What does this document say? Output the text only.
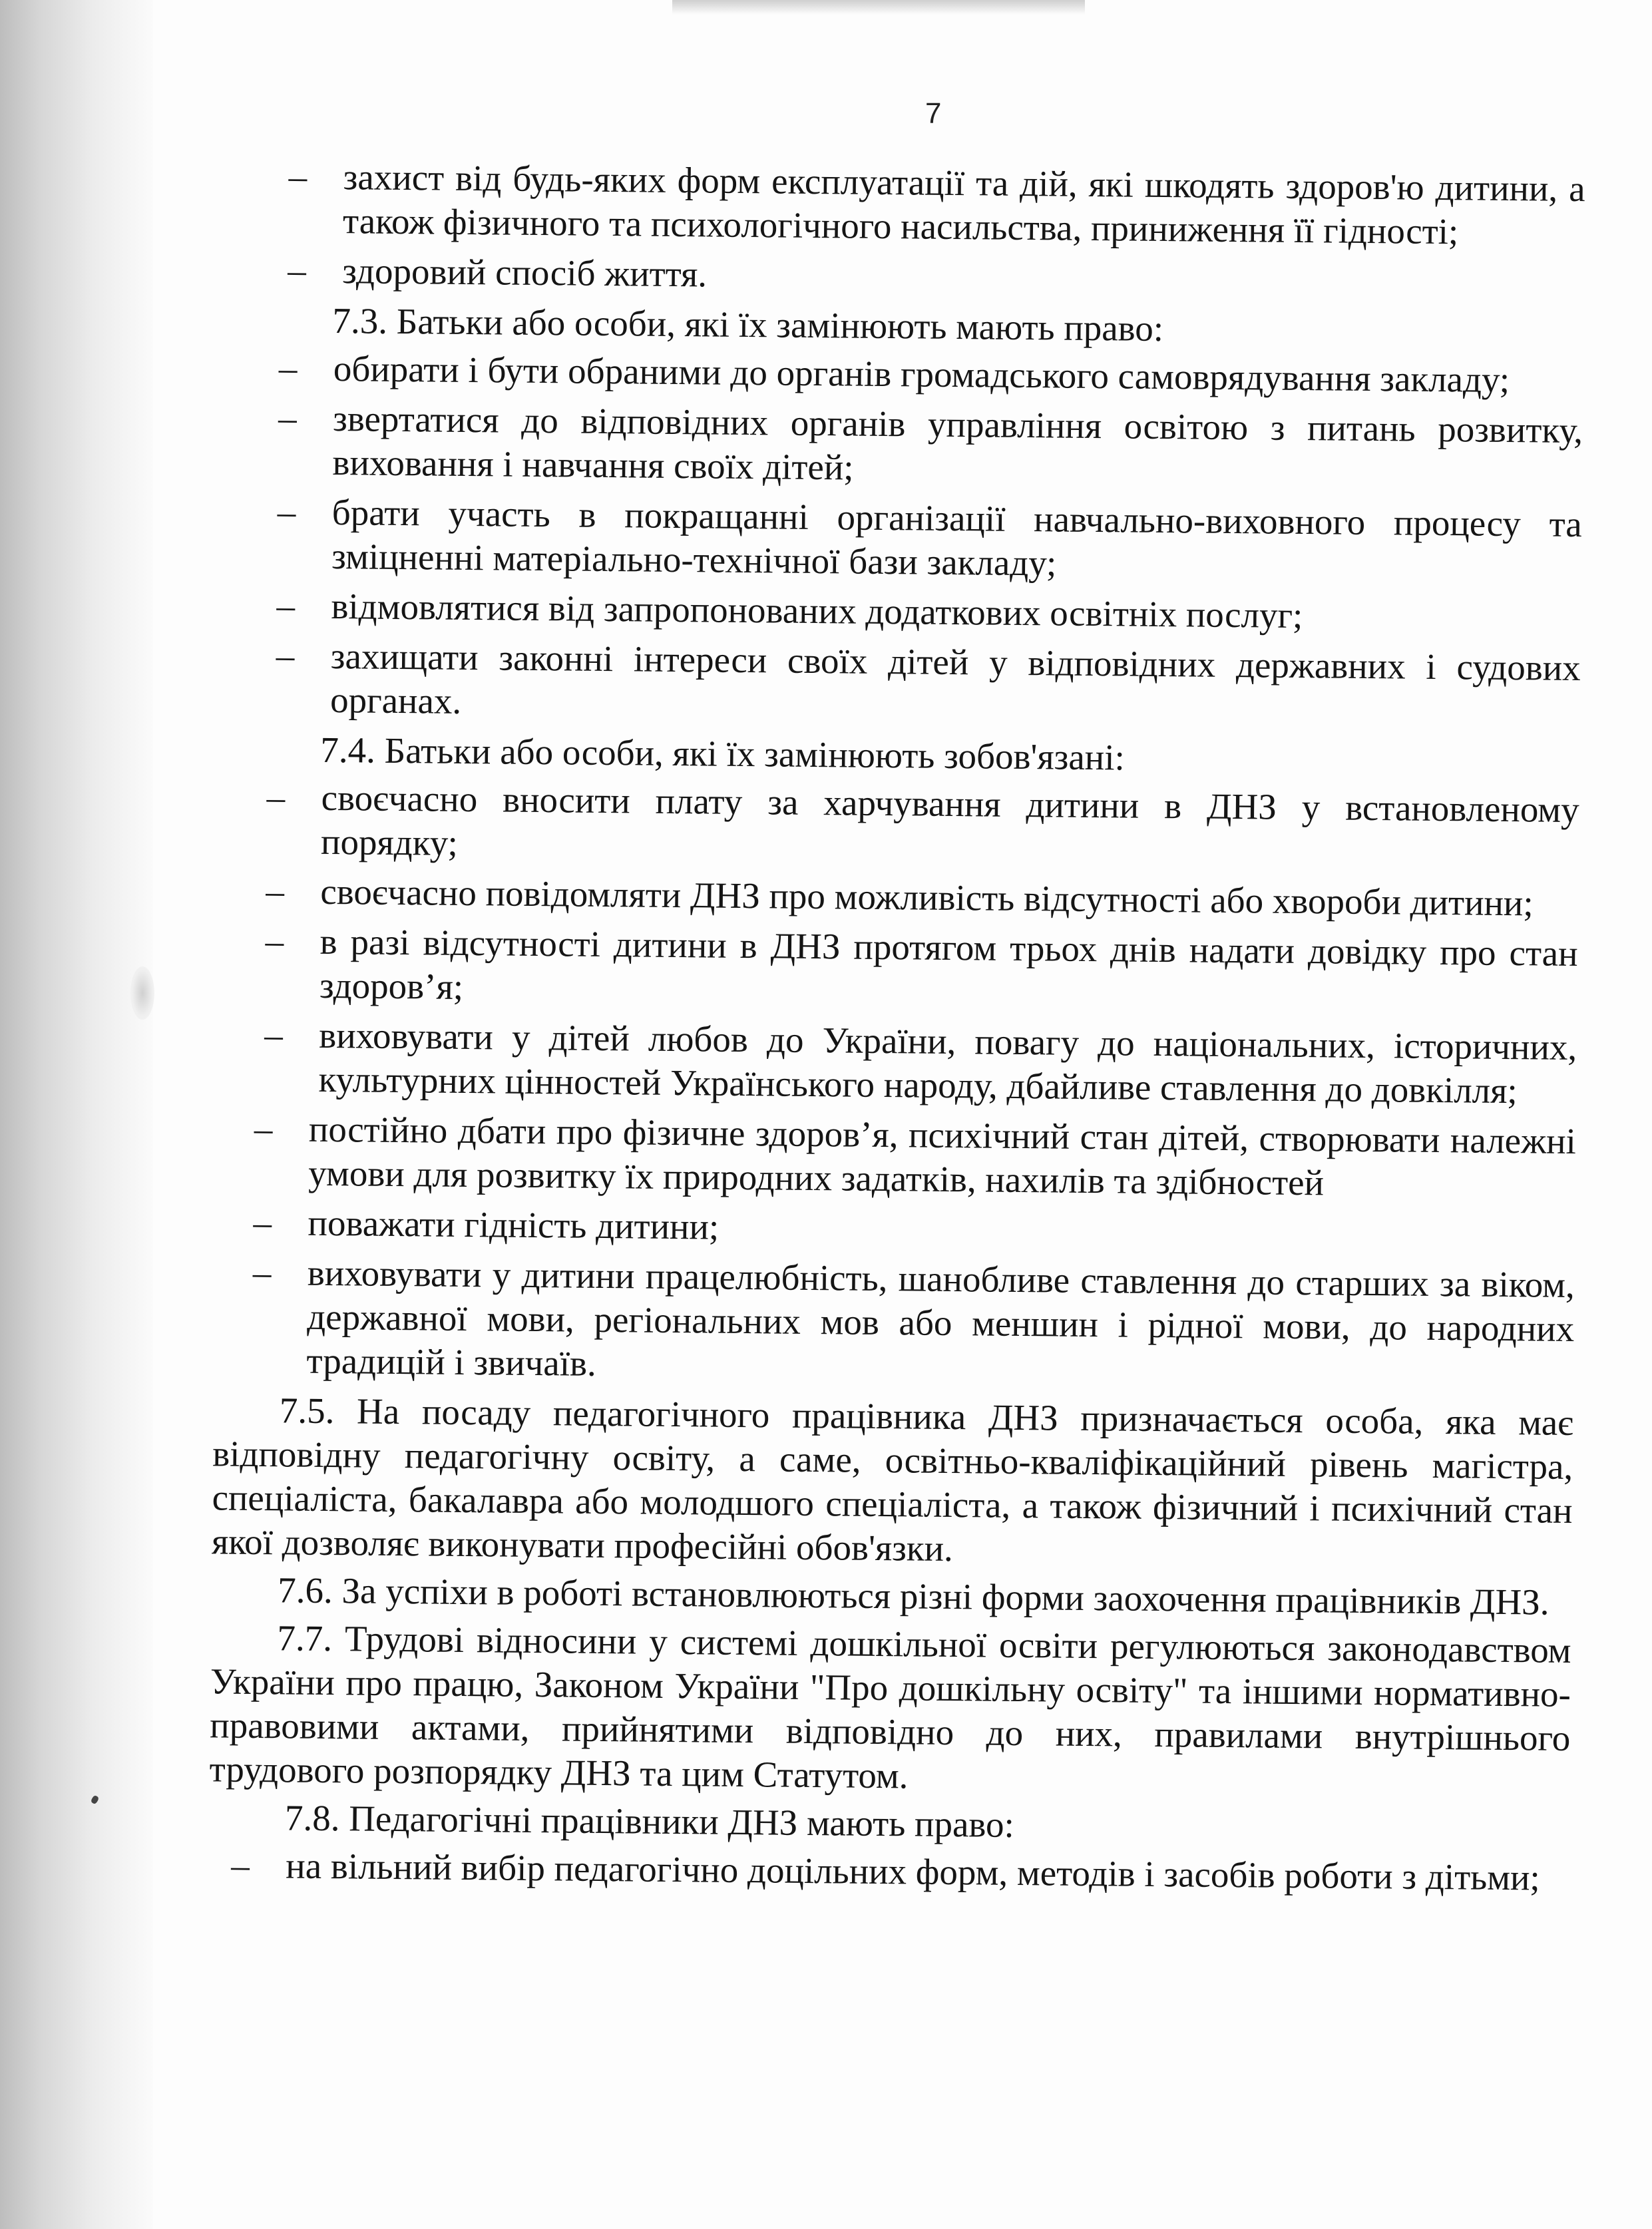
7
– захист від будь-яких форм експлуатації та дій, які шкодять здоров'ю дитини, а також фізичного та психологічного насильства, приниження її гідності;
– здоровий спосіб життя.
7.3. Батьки або особи, які їх замінюють мають право:
– обирати і бути обраними до органів громадського самоврядування закладу;
– звертатися до відповідних органів управління освітою з питань розвитку, виховання і навчання своїх дітей;
– брати участь в покращанні організації навчально-виховного процесу та зміцненні матеріально-технічної бази закладу;
– відмовлятися від запропонованих додаткових освітніх послуг;
– захищати законні інтереси своїх дітей у відповідних державних і судових органах.
7.4. Батьки або особи, які їх замінюють зобов'язані:
– своєчасно вносити плату за харчування дитини в ДНЗ у встановленому порядку;
– своєчасно повідомляти ДНЗ про можливість відсутності або хвороби дитини;
– в разі відсутності дитини в ДНЗ протягом трьох днів надати довідку про стан здоров’я;
– виховувати у дітей любов до України, повагу до національних, історичних, культурних цінностей Українського народу, дбайливе ставлення до довкілля;
– постійно дбати про фізичне здоров’я, психічний стан дітей, створювати належні умови для розвитку їх природних задатків, нахилів та здібностей
– поважати гідність дитини;
– виховувати у дитини працелюбність, шанобливе ставлення до старших за віком, державної мови, регіональних мов або меншин і рідної мови, до народних традицій і звичаїв.

7.5. На посаду педагогічного працівника ДНЗ призначається особа, яка має відповідну педагогічну освіту, а саме, освітньо-кваліфікаційний рівень магістра, спеціаліста, бакалавра або молодшого спеціаліста, а також фізичний і психічний стан якої дозволяє виконувати професійні обов'язки.

7.6. За успіхи в роботі встановлюються різні форми заохочення працівників ДНЗ.

7.7. Трудові відносини у системі дошкільної освіти регулюються законодавством України про працю, Законом України "Про дошкільну освіту" та іншими нормативно-правовими актами, прийнятими відповідно до них, правилами внутрішнього трудового розпорядку ДНЗ та цим Статутом.

7.8. Педагогічні працівники ДНЗ мають право:
– на вільний вибір педагогічно доцільних форм, методів і засобів роботи з дітьми;
